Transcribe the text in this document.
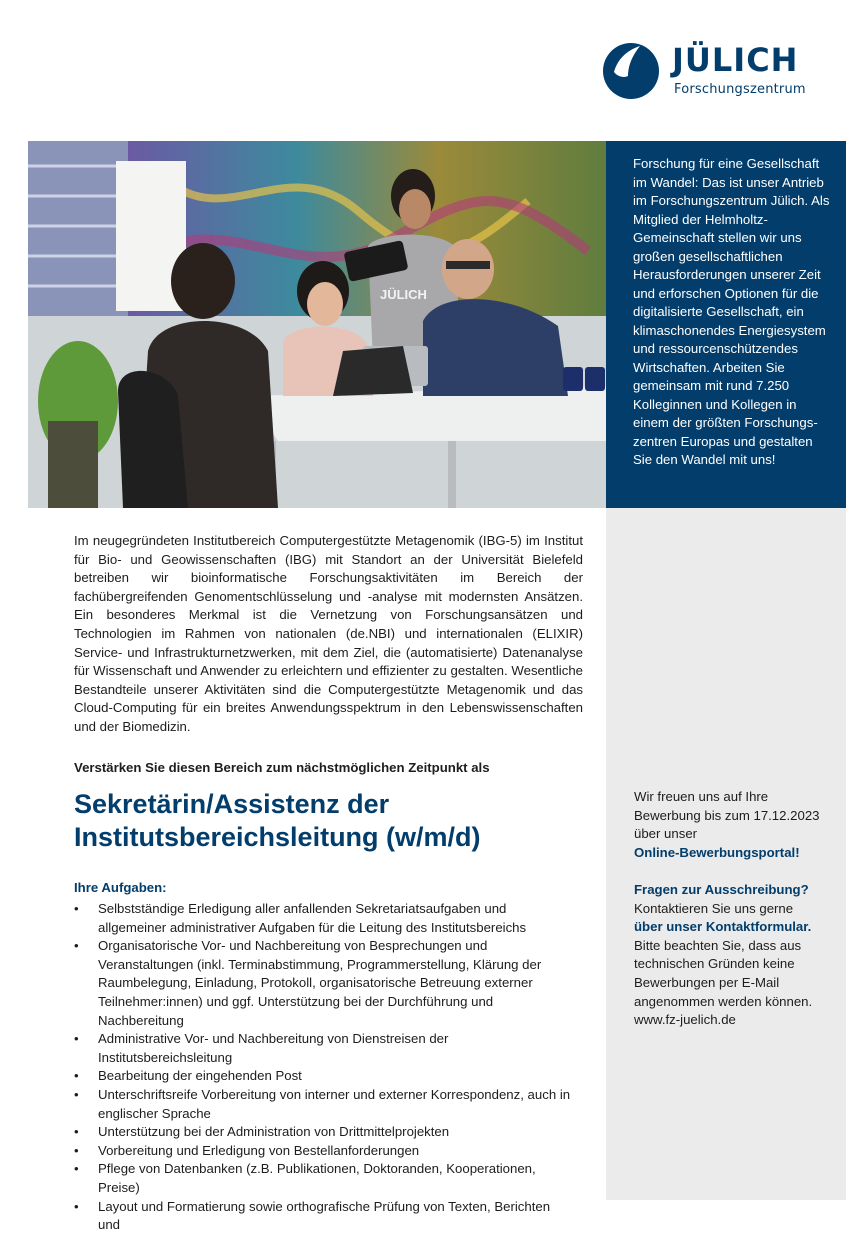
JÜLICH
Forschungszentrum
JÜLICH

Forschung für eine Gesellschaft im Wandel: Das ist unser Antrieb im Forschungszentrum Jülich. Als Mitglied der Helmholtz-Gemeinschaft stellen wir uns großen gesellschaftlichen Herausforderungen unserer Zeit und erforschen Optionen für die digitalisierte Gesellschaft, ein klimaschonendes Energiesystem und ressourcenschützendes Wirtschaften. Arbeiten Sie gemeinsam mit rund 7.250 Kolleginnen und Kollegen in einem der größten Forschungszentren Europas und gestalten Sie den Wandel mit uns!

Wir freuen uns auf Ihre Bewerbung bis zum 17.12.2023 über unser

Online-Bewerbungsportal!

Fragen zur Ausschreibung?

Kontaktieren Sie uns gerne

über unser Kontaktformular.

Bitte beachten Sie, dass aus technischen Gründen keine Bewerbungen per E-Mail angenommen werden können.

www.fz-juelich.de

Im neugegründeten Institutbereich Computergestützte Metagenomik (IBG-5) im Institut für Bio- und Geowissenschaften (IBG) mit Standort an der Universität Bielefeld betreiben wir bioinformatische Forschungsaktivitäten im Bereich der fachübergreifenden Genomentschlüsselung und -analyse mit modernsten Ansätzen. Ein besonderes Merkmal ist die Vernetzung von Forschungsansätzen und Technologien im Rahmen von nationalen (de.NBI) und internationalen (ELIXIR) Service- und Infrastrukturnetzwerken, mit dem Ziel, die (automatisierte) Datenanalyse für Wissenschaft und Anwender zu erleichtern und effizienter zu gestalten. Wesentliche Bestandteile unserer Aktivitäten sind die Computergestützte Metagenomik und das Cloud-Computing für ein breites Anwendungsspektrum in den Lebenswissenschaften und der Biomedizin.

Verstärken Sie diesen Bereich zum nächstmöglichen Zeitpunkt als

Sekretärin/Assistenz der Institutsbereichsleitung (w/m/d)

Ihre Aufgaben:

• Selbstständige Erledigung aller anfallenden Sekretariatsaufgaben und allgemeiner administrativer Aufgaben für die Leitung des Institutsbereichs
• Organisatorische Vor- und Nachbereitung von Besprechungen und Veranstaltungen (inkl. Terminabstimmung, Programmerstellung, Klärung der Raumbelegung, Einladung, Protokoll, organisatorische Betreuung externer Teilnehmer:innen) und ggf. Unterstützung bei der Durchführung und Nachbereitung
• Administrative Vor- und Nachbereitung von Dienstreisen der Institutsbereichsleitung
• Bearbeitung der eingehenden Post
• Unterschriftsreife Vorbereitung von interner und externer Korrespondenz, auch in englischer Sprache
• Unterstützung bei der Administration von Drittmittelprojekten
• Vorbereitung und Erledigung von Bestellanforderungen
• Pflege von Datenbanken (z.B. Publikationen, Doktoranden, Kooperationen, Preise)
• Layout und Formatierung sowie orthografische Prüfung von Texten, Berichten und
